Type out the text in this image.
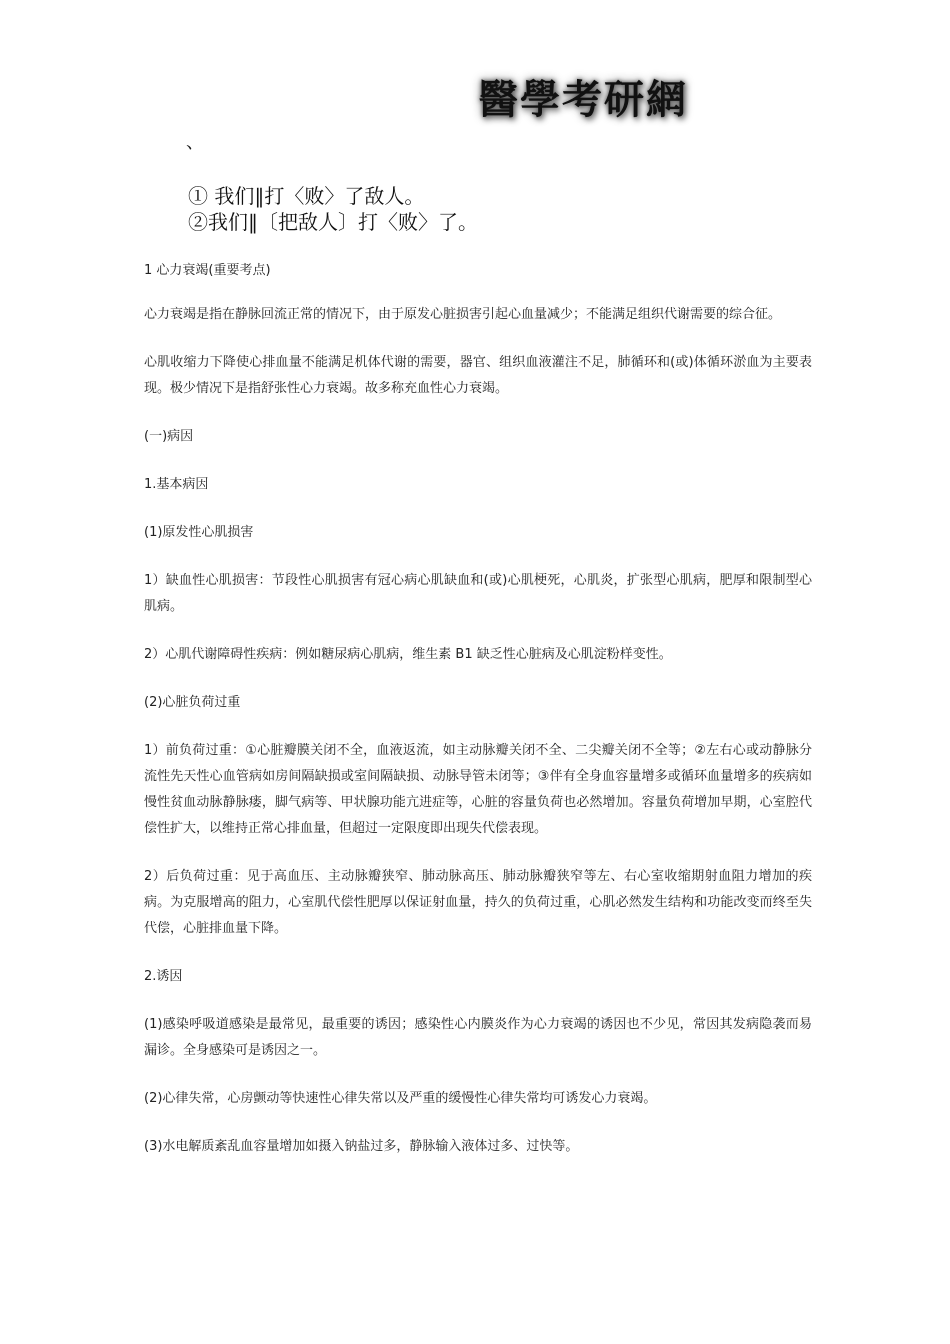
醫學考研網
、
① 我们‖打〈败〉了敌人。
②我们‖〔把敌人〕打〈败〉了。

1 心力衰竭(重要考点)

心力衰竭是指在静脉回流正常的情况下，由于原发心脏损害引起心血量减少；不能满足组织代谢需要的综合征。

心肌收缩力下降使心排血量不能满足机体代谢的需要，器官、组织血液灌注不足，肺循环和(或)体循环淤血为主要表现。极少情况下是指舒张性心力衰竭。故多称充血性心力衰竭。

(一)病因

1.基本病因

(1)原发性心肌损害

1）缺血性心肌损害：节段性心肌损害有冠心病心肌缺血和(或)心肌梗死，心肌炎，扩张型心肌病，肥厚和限制型心肌病。

2）心肌代谢障碍性疾病：例如糖尿病心肌病，维生素 B1 缺乏性心脏病及心肌淀粉样变性。

(2)心脏负荷过重

1）前负荷过重：①心脏瓣膜关闭不全，血液返流，如主动脉瓣关闭不全、二尖瓣关闭不全等；②左右心或动静脉分流性先天性心血管病如房间隔缺损或室间隔缺损、动脉导管未闭等；③伴有全身血容量增多或循环血量增多的疾病如慢性贫血动脉静脉瘘，脚气病等、甲状腺功能亢进症等，心脏的容量负荷也必然增加。容量负荷增加早期，心室腔代偿性扩大，以维持正常心排血量，但超过一定限度即出现失代偿表现。

2）后负荷过重：见于高血压、主动脉瓣狭窄、肺动脉高压、肺动脉瓣狭窄等左、右心室收缩期射血阻力增加的疾病。为克服增高的阻力，心室肌代偿性肥厚以保证射血量，持久的负荷过重，心肌必然发生结构和功能改变而终至失代偿，心脏排血量下降。

2.诱因

(1)感染呼吸道感染是最常见，最重要的诱因；感染性心内膜炎作为心力衰竭的诱因也不少见，常因其发病隐袭而易漏诊。全身感染可是诱因之一。

(2)心律失常，心房颤动等快速性心律失常以及严重的缓慢性心律失常均可诱发心力衰竭。

(3)水电解质紊乱血容量增加如摄入钠盐过多，静脉输入液体过多、过快等。
